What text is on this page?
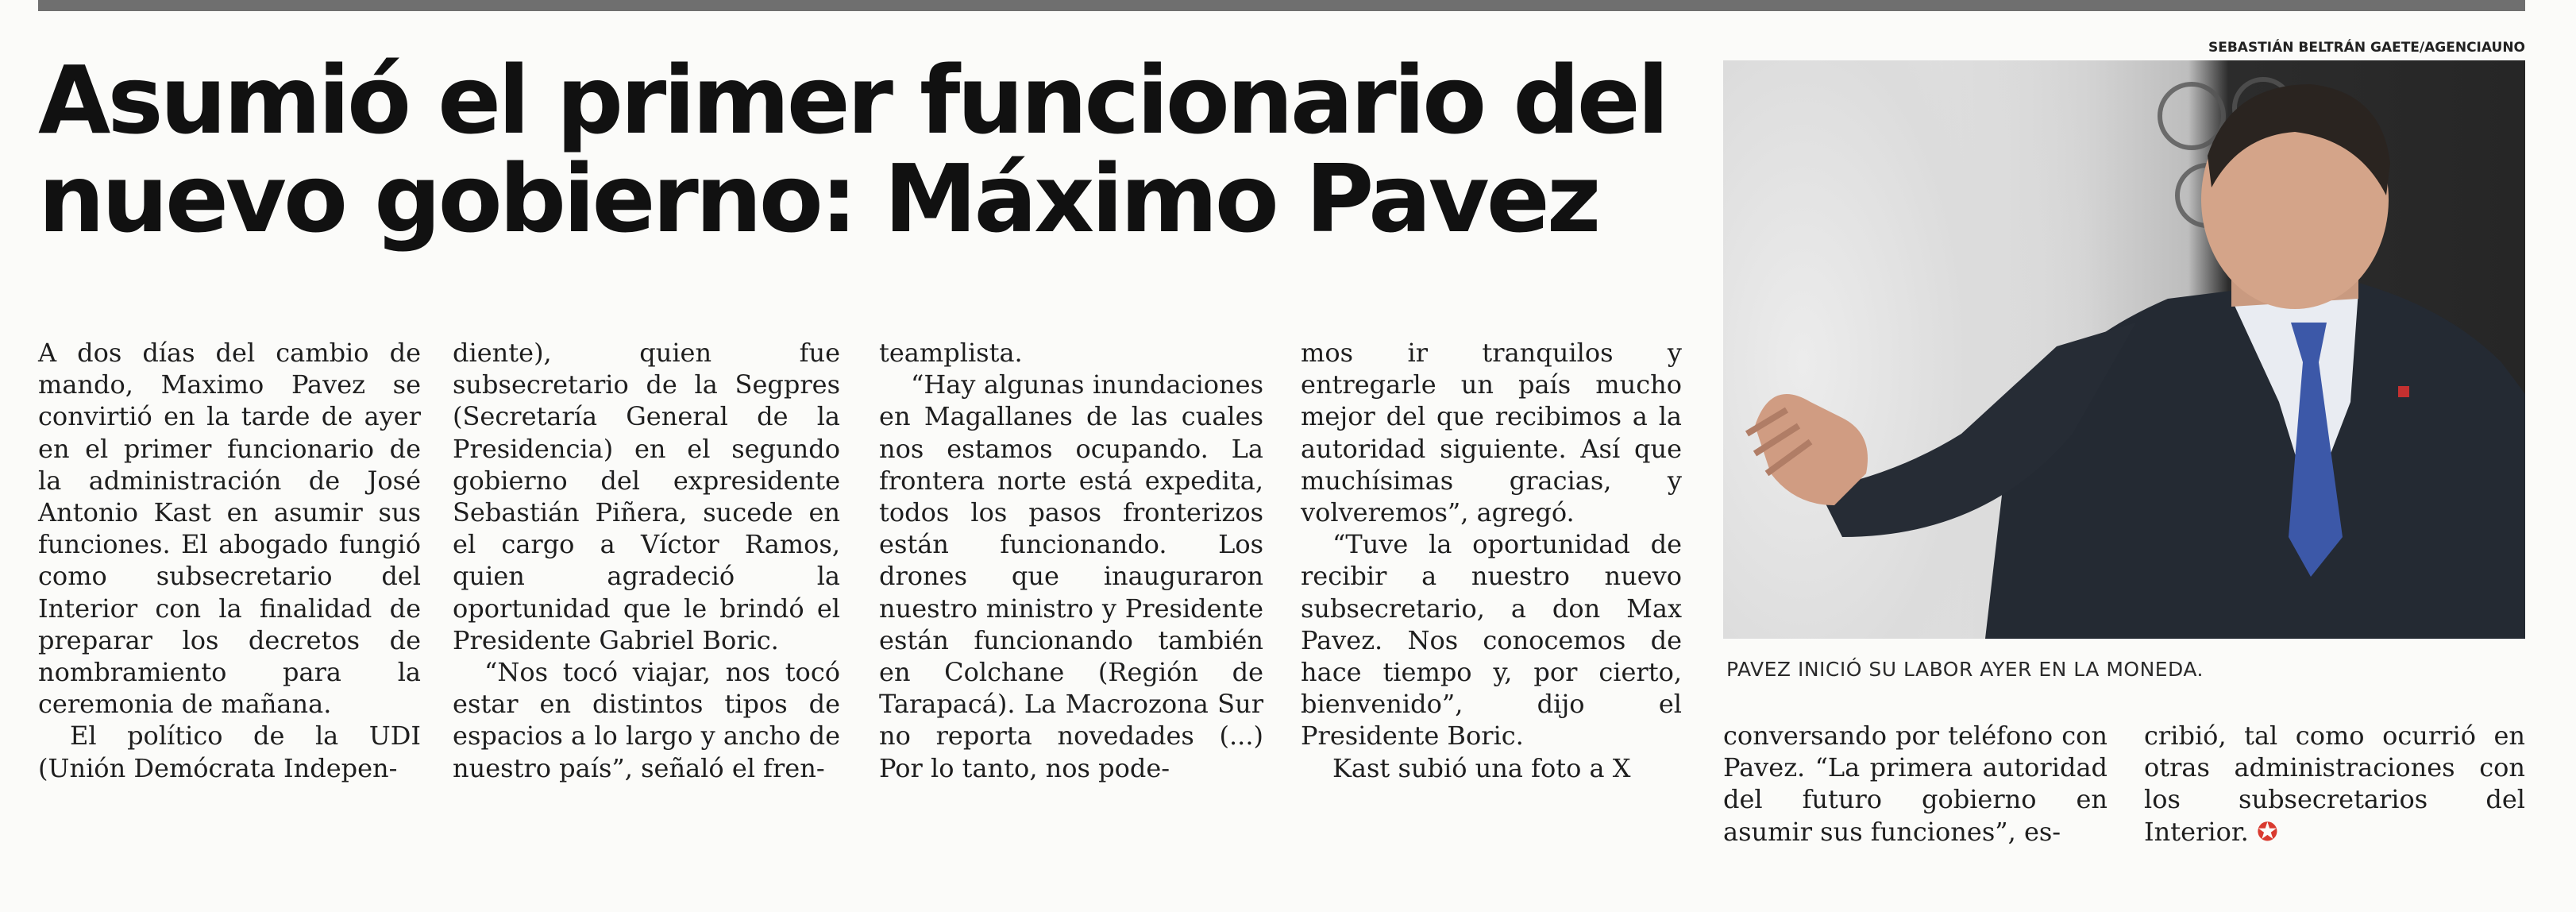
Asumió el primer funcionario del nuevo gobierno: Máximo Pavez
SEBASTIÁN BELTRÁN GAETE/AGENCIAUNO
PAVEZ INICIÓ SU LABOR AYER EN LA MONEDA.

A dos días del cambio de mando, Maximo Pavez se convirtió en la tarde de ayer en el primer funcionario de la administración de José Antonio Kast en asumir sus funciones. El abogado fungió como subsecretario del Interior con la finalidad de preparar los decretos de nombramiento para la ceremonia de mañana.

El político de la UDI (Unión Demócrata Indepen-

diente), quien fue subsecretario de la Segpres (Secretaría General de la Presidencia) en el segundo gobierno del expresidente Sebastián Piñera, sucede en el cargo a Víctor Ramos, quien agradeció la oportunidad que le brindó el Presidente Gabriel Boric.

“Nos tocó viajar, nos tocó estar en distintos tipos de espacios a lo largo y ancho de nuestro país”, señaló el fren-

teamplista.

“Hay algunas inundaciones en Magallanes de las cuales nos estamos ocupando. La frontera norte está expedita, todos los pasos fronterizos están funcionando. Los drones que inauguraron nuestro ministro y Presidente están funcionando también en Colchane (Región de Tarapacá). La Macrozona Sur no reporta novedades (...) Por lo tanto, nos pode-

mos ir tranquilos y entregarle un país mucho mejor del que recibimos a la autoridad siguiente. Así que muchísimas gracias, y volveremos”, agregó.

“Tuve la oportunidad de recibir a nuestro nuevo subsecretario, a don Max Pavez. Nos conocemos de hace tiempo y, por cierto, bienvenido”, dijo el Presidente Boric.

Kast subió una foto a X

conversando por teléfono con Pavez. “La primera autoridad del futuro gobierno en asumir sus funciones”, es-

cribió, tal como ocurrió en otras administraciones con los subsecretarios del Interior. ✪
